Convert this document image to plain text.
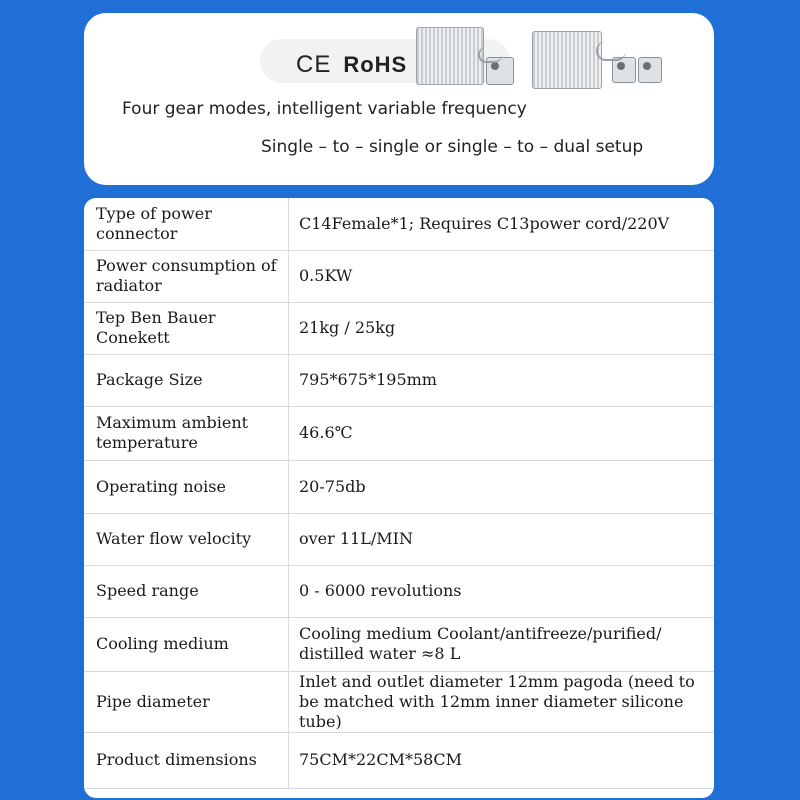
CE RoHS
Four gear modes, intelligent variable frequency
Single – to – single or single – to – dual setup
Type of power connector	C14Female*1; Requires C13power cord/220V
Power consumption of radiator	0.5KW
Tep Ben Bauer Conekett	21kg / 25kg
Package Size	795*675*195mm
Maximum ambient temperature	46.6℃
Operating noise	20-75db
Water flow velocity	over 11L/MIN
Speed range	0 - 6000 revolutions
Cooling medium	Cooling medium Coolant/antifreeze/purified/ distilled water ≈8 L
Pipe diameter	Inlet and outlet diameter 12mm pagoda (need to be matched with 12mm inner diameter silicone tube)
Product dimensions	75CM*22CM*58CM
